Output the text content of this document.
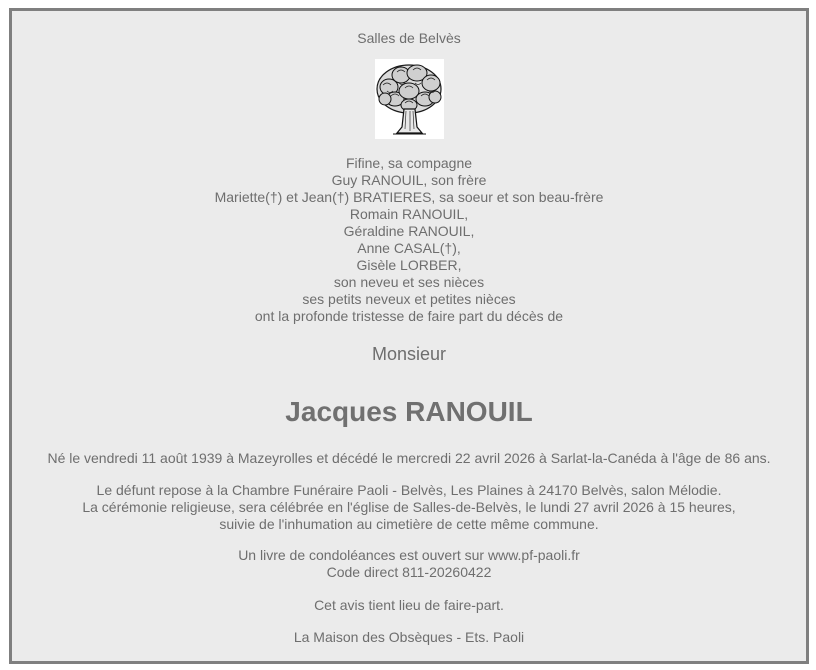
Salles de Belvès
Fifine, sa compagne
Guy RANOUIL, son frère
Mariette(†) et Jean(†) BRATIERES, sa soeur et son beau-frère
Romain RANOUIL,
Géraldine RANOUIL,
Anne CASAL(†),
Gisèle LORBER,
son neveu et ses nièces
ses petits neveux et petites nièces
ont la profonde tristesse de faire part du décès de
Monsieur
Jacques RANOUIL
Né le vendredi 11 août 1939 à Mazeyrolles et décédé le mercredi 22 avril 2026 à Sarlat-la-Canéda à l'âge de 86 ans.
Le défunt repose à la Chambre Funéraire Paoli - Belvès, Les Plaines à 24170 Belvès, salon Mélodie.
La cérémonie religieuse, sera célébrée en l'église de Salles-de-Belvès, le lundi 27 avril 2026 à 15 heures,
suivie de l'inhumation au cimetière de cette même commune.
Un livre de condoléances est ouvert sur www.pf-paoli.fr
Code direct 811-20260422
Cet avis tient lieu de faire-part.
La Maison des Obsèques - Ets. Paoli
